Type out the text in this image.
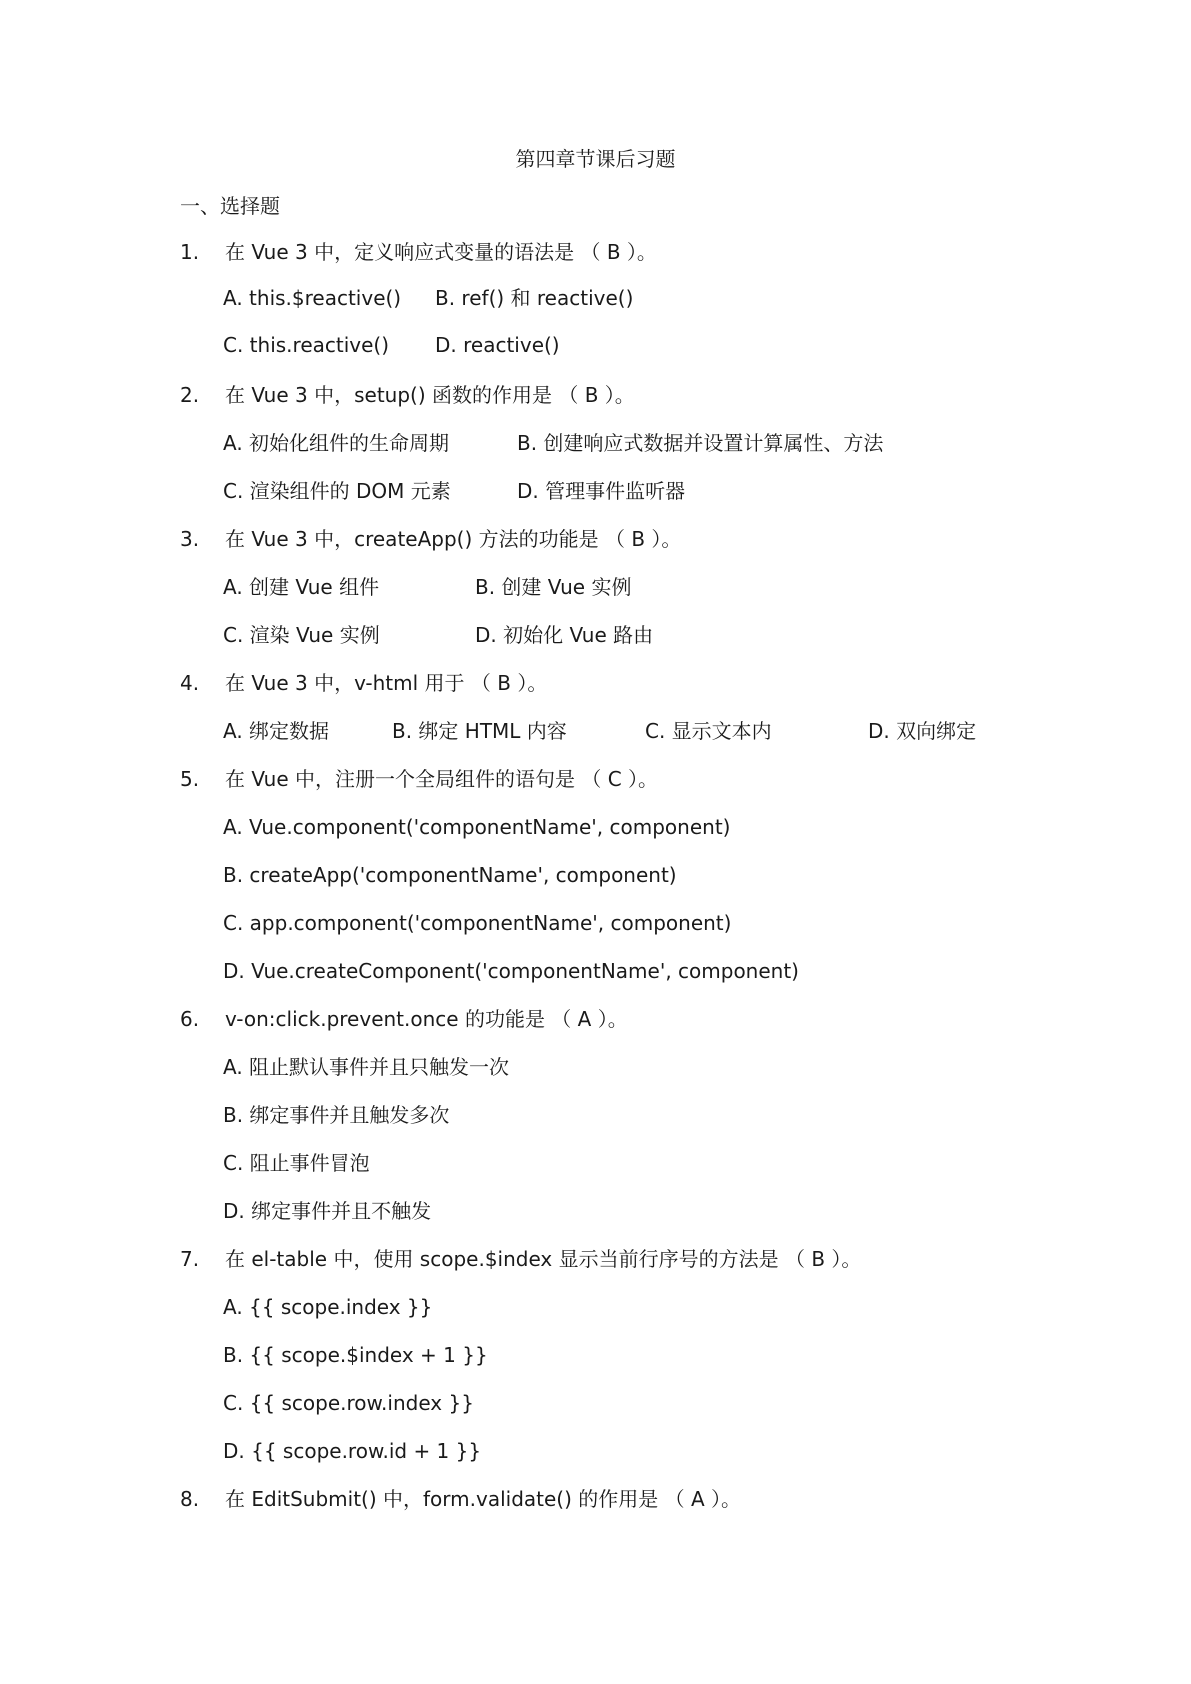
第四章节课后习题
一、选择题
1. 在 Vue 3 中，定义响应式变量的语法是 （ B ）。
A. this.$reactive() B. ref() 和 reactive()
C. this.reactive() D. reactive()
2. 在 Vue 3 中，setup() 函数的作用是 （ B ）。
A. 初始化组件的生命周期	B. 创建响应式数据并设置计算属性、方法
C. 渲染组件的 DOM 元素	D. 管理事件监听器
3. 在 Vue 3 中，createApp() 方法的功能是 （ B ）。
A. 创建 Vue 组件	B. 创建 Vue 实例
C. 渲染 Vue 实例	D. 初始化 Vue 路由
4. 在 Vue 3 中，v-html 用于 （ B ）。
A. 绑定数据	B. 绑定 HTML 内容	C. 显示文本内	D. 双向绑定
5. 在 Vue 中，注册一个全局组件的语句是 （ C ）。
A. Vue.component('componentName', component)
B. createApp('componentName', component)
C. app.component('componentName', component)
D. Vue.createComponent('componentName', component)
6. v-on:click.prevent.once 的功能是 （ A ）。
A. 阻止默认事件并且只触发一次
B. 绑定事件并且触发多次
C. 阻止事件冒泡
D. 绑定事件并且不触发
7. 在 el-table 中，使用 scope.$index 显示当前行序号的方法是 （ B ）。
A. {{ scope.index }}
B. {{ scope.$index + 1 }}
C. {{ scope.row.index }}
D. {{ scope.row.id + 1 }}
8. 在 EditSubmit() 中，form.validate() 的作用是 （ A ）。
